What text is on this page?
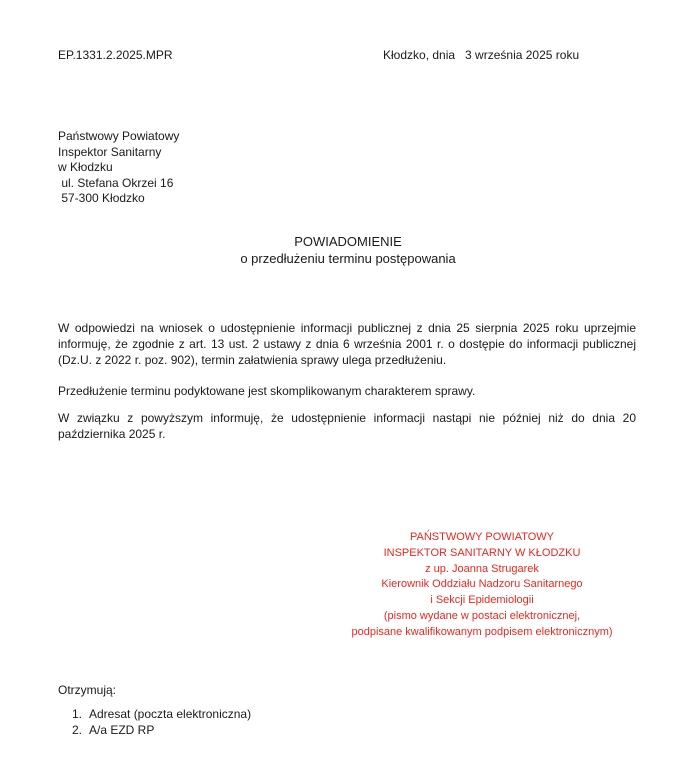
EP.1331.2.2025.MPR	Kłodzko, dnia   3 września 2025 roku
Państwowy Powiatowy
Inspektor Sanitarny
w Kłodzku
ul. Stefana Okrzei 16
57-300 Kłodzko
POWIADOMIENIE
o przedłużeniu terminu postępowania
W odpowiedzi na wniosek o udostępnienie informacji publicznej z dnia 25 sierpnia 2025 roku uprzejmie informuję, że zgodnie z art. 13 ust. 2 ustawy z dnia 6 września 2001 r. o dostępie do informacji publicznej (Dz.U. z 2022 r. poz. 902), termin załatwienia sprawy ulega przedłużeniu.
Przedłużenie terminu podyktowane jest skomplikowanym charakterem sprawy.
W związku z powyższym informuję, że udostępnienie informacji nastąpi nie później niż do dnia 20 października 2025 r.
PAŃSTWOWY POWIATOWY
INSPEKTOR SANITARNY W KŁODZKU
z up. Joanna Strugarek
Kierownik Oddziału Nadzoru Sanitarnego
i Sekcji Epidemiologii
(pismo wydane w postaci elektronicznej,
podpisane kwalifikowanym podpisem elektronicznym)
Otrzymują:
1. Adresat (poczta elektroniczna)
2. A/a EZD RP
